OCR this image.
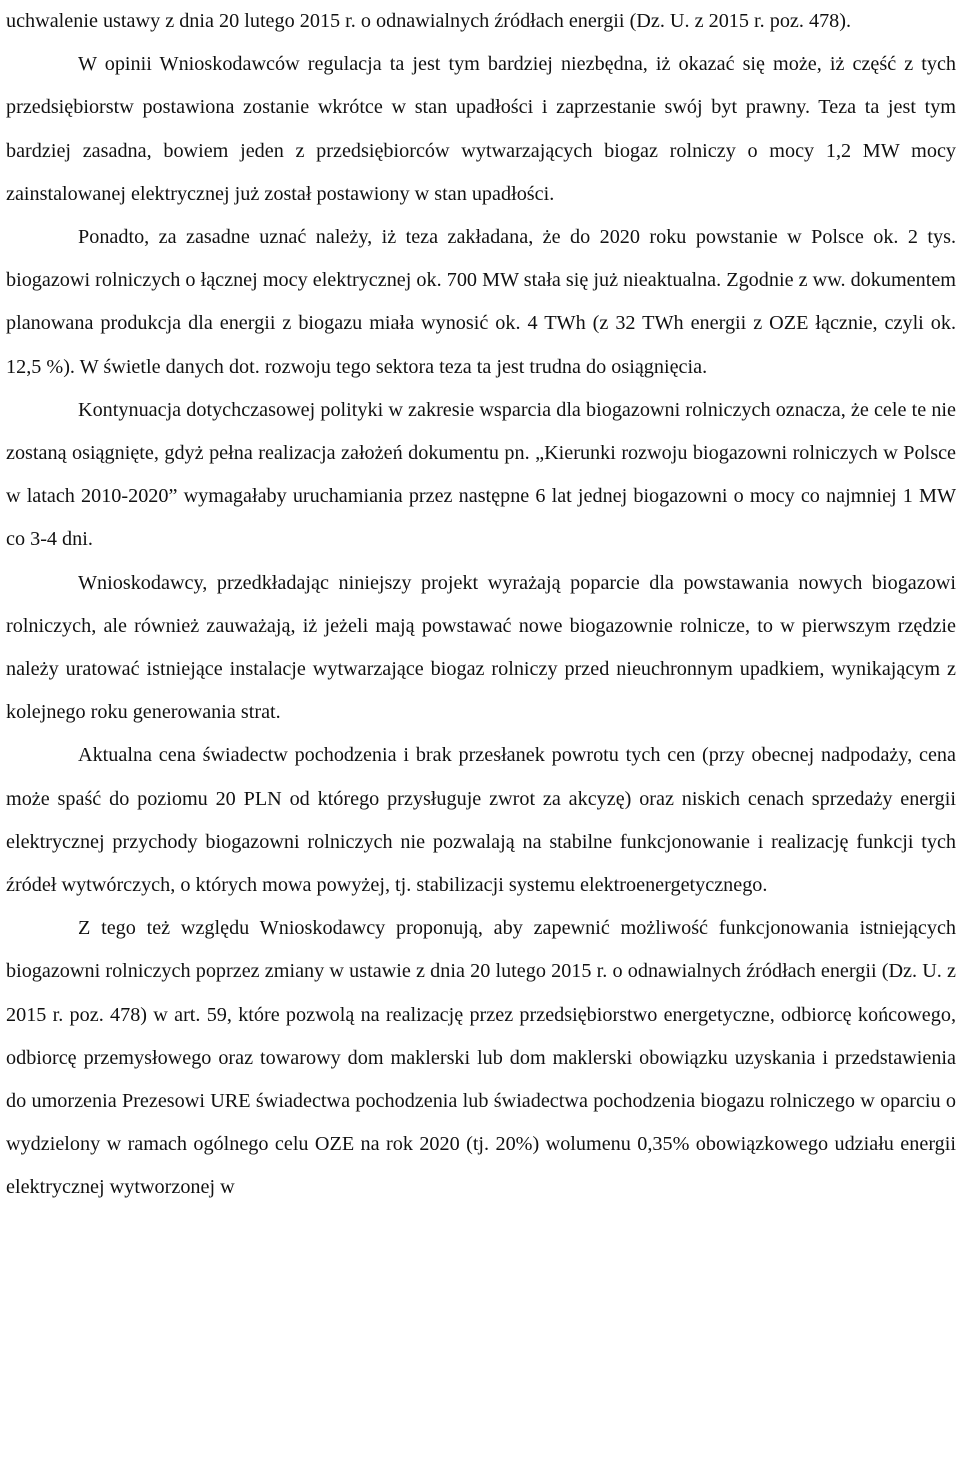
uchwalenie ustawy z dnia 20 lutego 2015 r. o odnawialnych źródłach energii (Dz. U. z 2015 r. poz. 478).

W opinii Wnioskodawców regulacja ta jest tym bardziej niezbędna, iż okazać się może, iż część z tych przedsiębiorstw postawiona zostanie wkrótce w stan upadłości i zaprzestanie swój byt prawny. Teza ta jest tym bardziej zasadna, bowiem jeden z przedsiębiorców wytwarzających biogaz rolniczy o mocy 1,2 MW mocy zainstalowanej elektrycznej już został postawiony w stan upadłości.

Ponadto, za zasadne uznać należy, iż teza zakładana, że do 2020 roku powstanie w Polsce ok. 2 tys. biogazowi rolniczych o łącznej mocy elektrycznej ok. 700 MW stała się już nieaktualna. Zgodnie z ww. dokumentem planowana produkcja dla energii z biogazu miała wynosić ok. 4 TWh (z 32 TWh energii z OZE łącznie, czyli ok. 12,5 %). W świetle danych dot. rozwoju tego sektora teza ta jest trudna do osiągnięcia.

Kontynuacja dotychczasowej polityki w zakresie wsparcia dla biogazowni rolniczych oznacza, że cele te nie zostaną osiągnięte, gdyż pełna realizacja założeń dokumentu pn. „Kierunki rozwoju biogazowni rolniczych w Polsce w latach 2010-2020” wymagałaby uruchamiania przez następne 6 lat jednej biogazowni o mocy co najmniej 1 MW co 3-4 dni.

Wnioskodawcy, przedkładając niniejszy projekt wyrażają poparcie dla powstawania nowych biogazowi rolniczych, ale również zauważają, iż jeżeli mają powstawać nowe biogazownie rolnicze, to w pierwszym rzędzie należy uratować istniejące instalacje wytwarzające biogaz rolniczy przed nieuchronnym upadkiem, wynikającym z kolejnego roku generowania strat.

Aktualna cena świadectw pochodzenia i brak przesłanek powrotu tych cen (przy obecnej nadpodaży, cena może spaść do poziomu 20 PLN od którego przysługuje zwrot za akcyzę) oraz niskich cenach sprzedaży energii elektrycznej przychody biogazowni rolniczych nie pozwalają na stabilne funkcjonowanie i realizację funkcji tych źródeł wytwórczych, o których mowa powyżej, tj. stabilizacji systemu elektroenergetycznego.

Z tego też względu Wnioskodawcy proponują, aby zapewnić możliwość funkcjonowania istniejących biogazowni rolniczych poprzez zmiany w ustawie z dnia 20 lutego 2015 r. o odnawialnych źródłach energii (Dz. U. z 2015 r. poz. 478) w art. 59, które pozwolą na realizację przez przedsiębiorstwo energetyczne, odbiorcę końcowego, odbiorcę przemysłowego oraz towarowy dom maklerski lub dom maklerski obowiązku uzyskania i przedstawienia do umorzenia Prezesowi URE świadectwa pochodzenia lub świadectwa pochodzenia biogazu rolniczego w oparciu o wydzielony w ramach ogólnego celu OZE na rok 2020 (tj. 20%) wolumenu 0,35% obowiązkowego udziału energii elektrycznej wytworzonej w
